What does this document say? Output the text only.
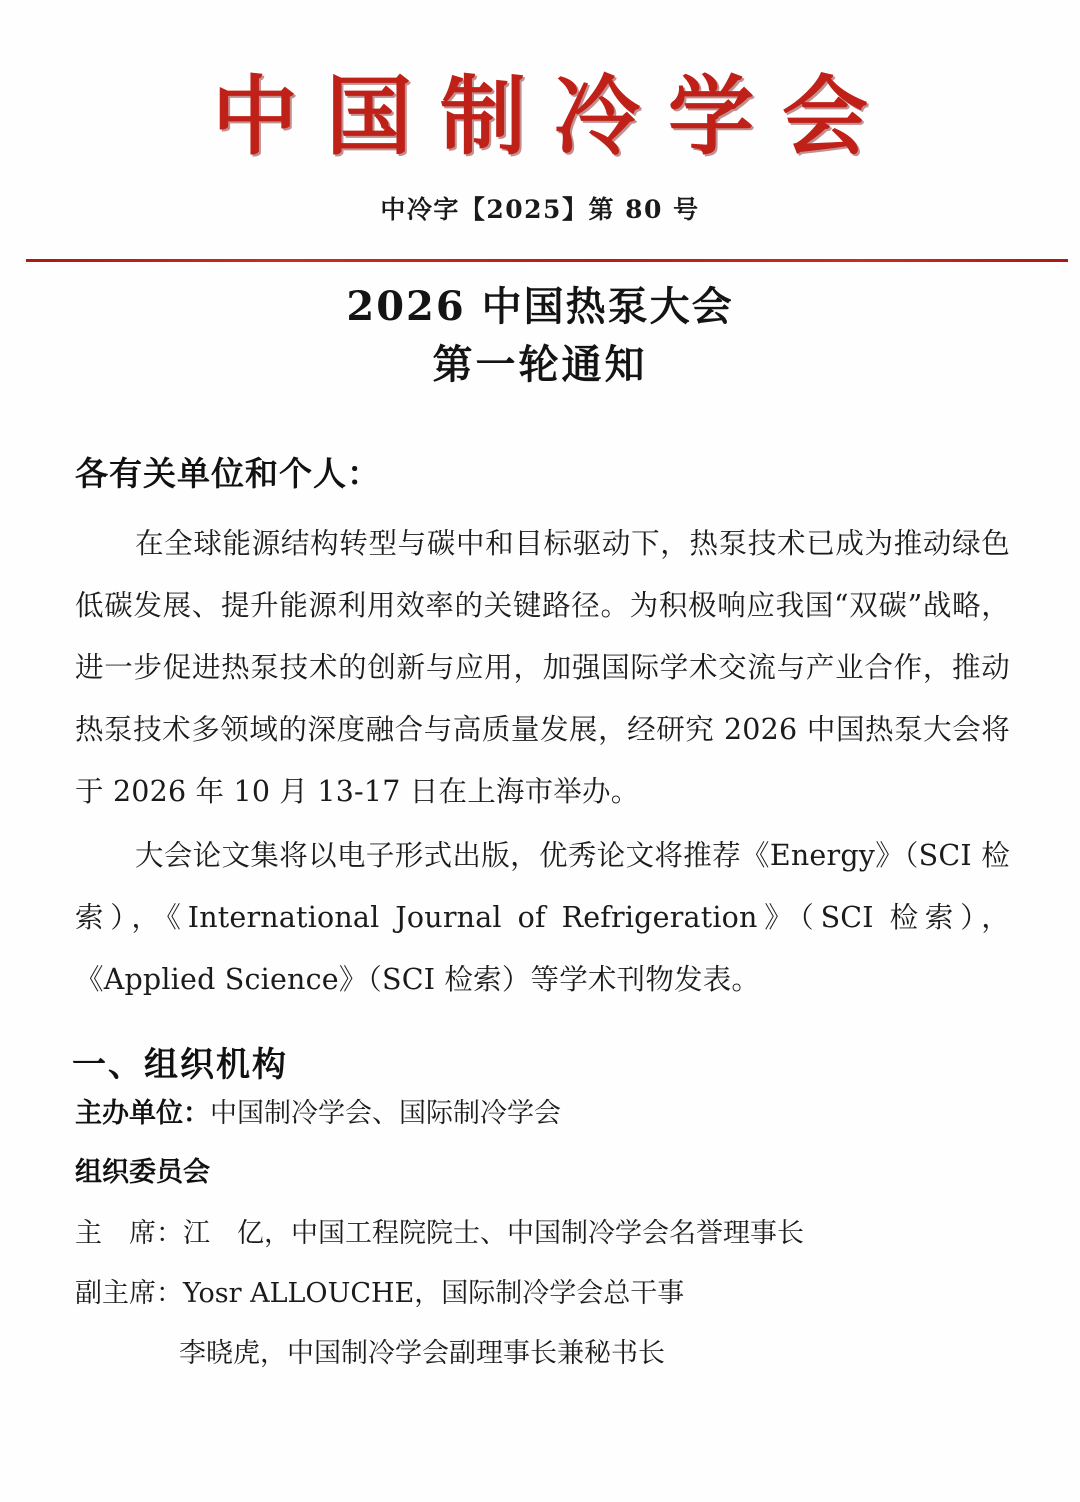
中国制冷学会
中冷字【2025】第 80 号
2026 中国热泵大会
第一轮通知
各有关单位和个人：

在全球能源结构转型与碳中和目标驱动下，热泵技术已成为推动绿色低碳发展、提升能源利用效率的关键路径。为积极响应我国“双碳”战略，进一步促进热泵技术的创新与应用，加强国际学术交流与产业合作，推动热泵技术多领域的深度融合与高质量发展，经研究 2026 中国热泵大会将于 2026 年 10 月 13-17 日在上海市举办。

大会论文集将以电子形式出版，优秀论文将推荐《Energy》（SCI 检索），《International Journal of Refrigeration》（SCI 检索），《Applied Science》（SCI 检索）等学术刊物发表。

一、组织机构
主办单位：中国制冷学会、国际制冷学会
组织委员会
主　席：江　亿，中国工程院院士、中国制冷学会名誉理事长
副主席：Yosr ALLOUCHE，国际制冷学会总干事
李晓虎，中国制冷学会副理事长兼秘书长
